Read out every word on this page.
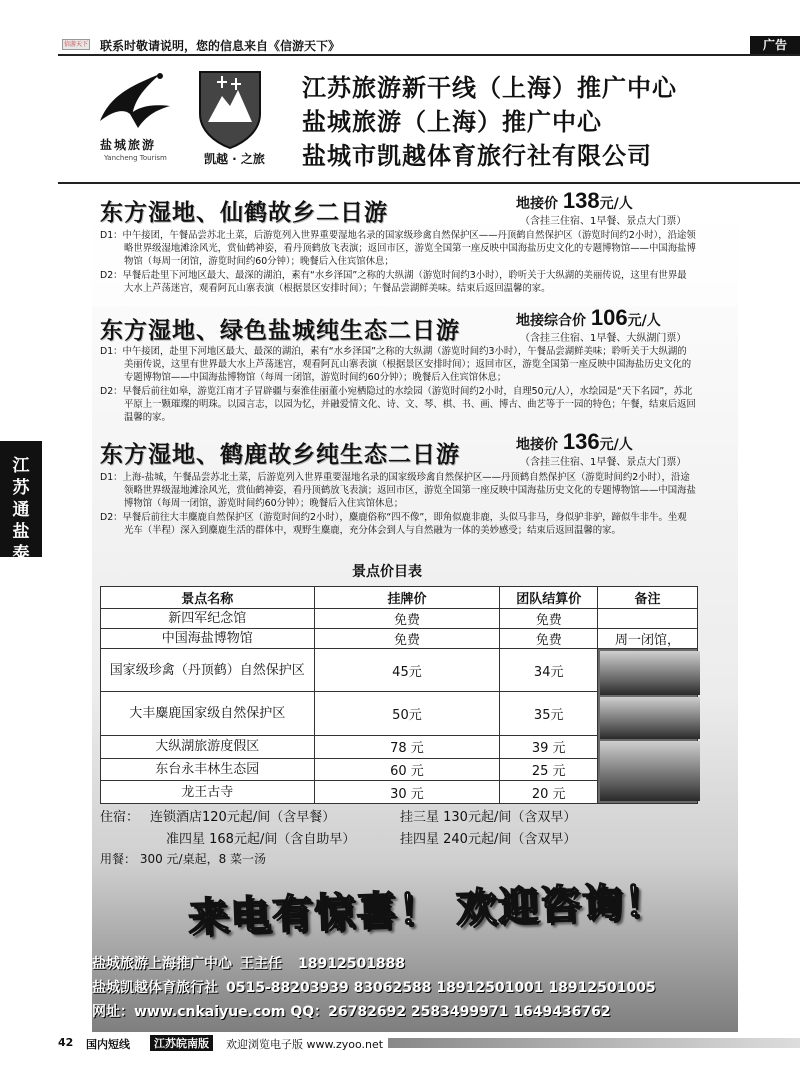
信游天下 联系时敬请说明，您的信息来自《信游天下》	广告
盐城旅游
Yancheng Tourism	凯越 · 之旅
江苏旅游新干线（上海）推广中心
盐城旅游（上海）推广中心
盐城市凯越体育旅行社有限公司
江苏通盐泰
东方湿地、仙鹤故乡二日游	地接价 138元/人
（含挂三住宿、1早餐、景点大门票）

D1：中午接团，午餐品尝苏北土菜，后游览列入世界重要湿地名录的国家级珍禽自然保护区——丹顶鹤自然保护区（游览时间约2小时），沿途领略世界级湿地滩涂风光，赏仙鹤神姿，看丹顶鹤放飞表演；返回市区，游览全国第一座反映中国海盐历史文化的专题博物馆——中国海盐博物馆（每周一闭馆，游览时间约60分钟）；晚餐后入住宾馆休息；

D2：早餐后赴里下河地区最大、最深的湖泊，素有“水乡泽国”之称的大纵湖（游览时间约3小时），聆听关于大纵湖的美丽传说，这里有世界最大水上芦荡迷宫，观看阿瓦山寨表演（根据景区安排时间）；午餐品尝湖鲜美味。结束后返回温馨的家。

东方湿地、绿色盐城纯生态二日游	地接综合价 106元/人
（含挂三住宿、1早餐、大纵湖门票）

D1：中午接团，赴里下河地区最大、最深的湖泊，素有“水乡泽国”之称的大纵湖（游览时间约3小时），午餐品尝湖鲜美味；聆听关于大纵湖的美丽传说，这里有世界最大水上芦荡迷宫，观看阿瓦山寨表演（根据景区安排时间）；返回市区，游览全国第一座反映中国海盐历史文化的专题博物馆——中国海盐博物馆（每周一闭馆，游览时间约60分钟）；晚餐后入住宾馆休息；

D2：早餐后前往如皋，游览江南才子冒辟疆与秦淮佳丽董小宛栖隐过的水绘园（游览时间约2小时，自理50元/人），水绘园是“天下名园”，苏北平原上一颗璀璨的明珠。以园言志，以园为忆，并融爱情文化、诗、文、琴、棋、书、画、博古、曲艺等于一园的特色；午餐，结束后返回温馨的家。

东方湿地、鹤鹿故乡纯生态二日游	地接价 136元/人
（含挂三住宿、1早餐、景点大门票）

D1：上海-盐城，午餐品尝苏北土菜，后游览列入世界重要湿地名录的国家级珍禽自然保护区——丹顶鹤自然保护区（游览时间约2小时），沿途领略世界级湿地滩涂风光，赏仙鹤神姿，看丹顶鹤放飞表演；返回市区，游览全国第一座反映中国海盐历史文化的专题博物馆——中国海盐博物馆（每周一闭馆，游览时间约60分钟）；晚餐后入住宾馆休息；

D2：早餐后前往大丰麋鹿自然保护区（游览时间约2小时），麋鹿俗称“四不像”，即角似鹿非鹿，头似马非马，身似驴非驴，蹄似牛非牛。坐观光车（半程）深入到麋鹿生活的群体中，观野生麋鹿，充分体会到人与自然融为一体的美妙感受；结束后返回温馨的家。

景点价目表
景点名称	挂牌价	团队结算价	备注
新四军纪念馆	免费	免费	
中国海盐博物馆	免费	免费	周一闭馆，
国家级珍禽（丹顶鹤）自然保护区	45元	34元	

大丰麋鹿国家级自然保护区	50元	35元	
大纵湖旅游度假区	78 元	39 元	
东台永丰林生态园	60 元	25 元	
龙王古寺	30 元	20 元	
住宿： 连锁酒店120元起/间（含早餐）	挂三星 130元起/间（含双早）
准四星 168元起/间（含自助早）	挂四星 240元起/间（含双早）
用餐： 300 元/桌起，8 菜一汤
来电有惊喜！ 欢迎咨询！
盐城旅游上海推广中心 王主任 18912501888
盐城凯越体育旅行社 0515-88203939 83062588 18912501001 18912501005
网址：www.cnkaiyue.com QQ：26782692 2583499971 1649436762
42 国内短线	江苏皖南版	欢迎浏览电子版 www.zyoo.net
